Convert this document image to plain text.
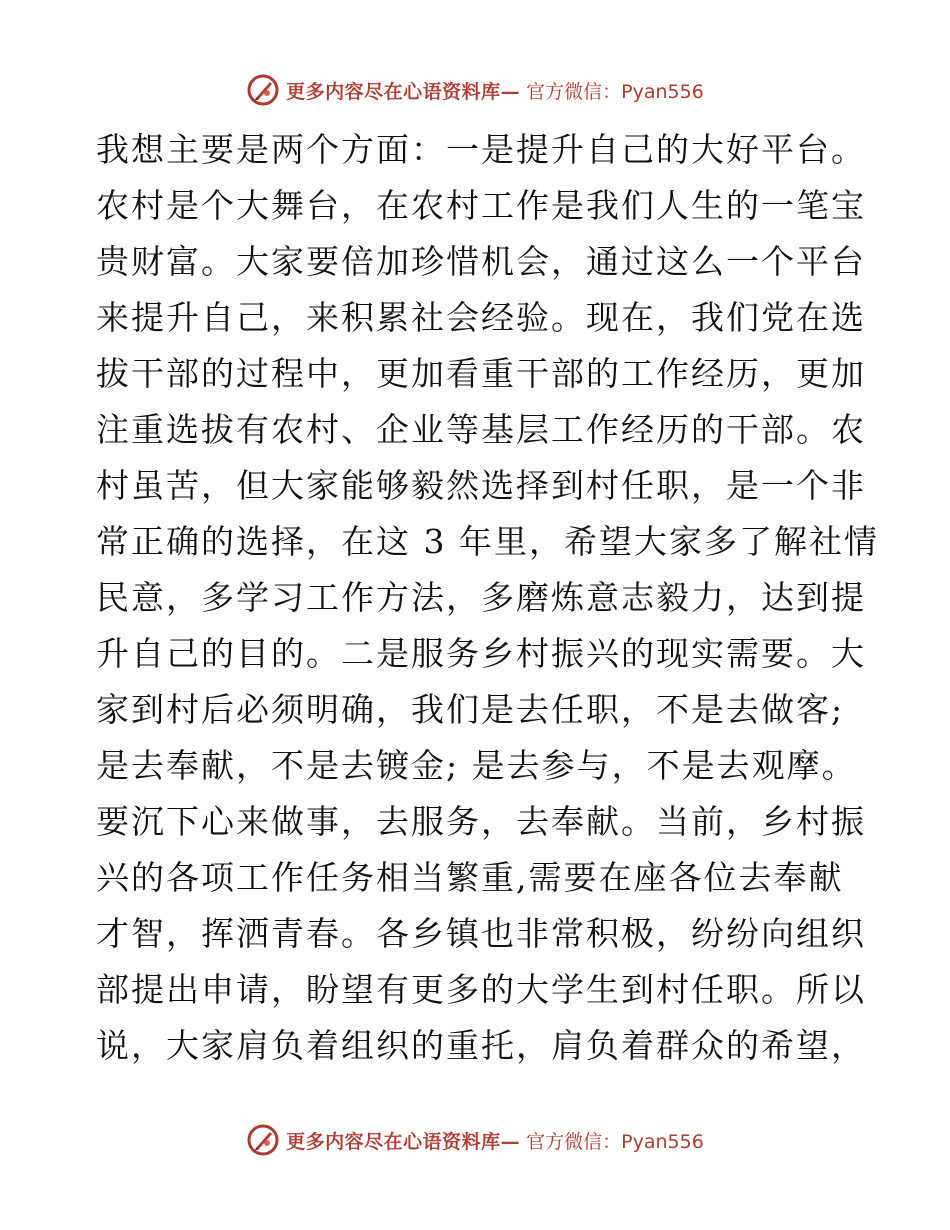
更多内容尽在心语资料库— 官方微信：Pyan556
我想主要是两个方面：一是提升自己的大好平台。
农村是个大舞台，在农村工作是我们人生的一笔宝
贵财富。大家要倍加珍惜机会，通过这么一个平台
来提升自己，来积累社会经验。现在，我们党在选
拔干部的过程中，更加看重干部的工作经历，更加
注重选拔有农村、企业等基层工作经历的干部。农
村虽苦，但大家能够毅然选择到村任职，是一个非
常正确的选择，在这 3 年里，希望大家多了解社情
民意，多学习工作方法，多磨炼意志毅力，达到提
升自己的目的。二是服务乡村振兴的现实需要。大
家到村后必须明确，我们是去任职，不是去做客;
是去奉献，不是去镀金; 是去参与，不是去观摩。
要沉下心来做事，去服务，去奉献。当前，乡村振
兴的各项工作任务相当繁重,需要在座各位去奉献
才智，挥洒青春。各乡镇也非常积极，纷纷向组织
部提出申请，盼望有更多的大学生到村任职。所以
说，大家肩负着组织的重托，肩负着群众的希望，
更多内容尽在心语资料库— 官方微信：Pyan556
